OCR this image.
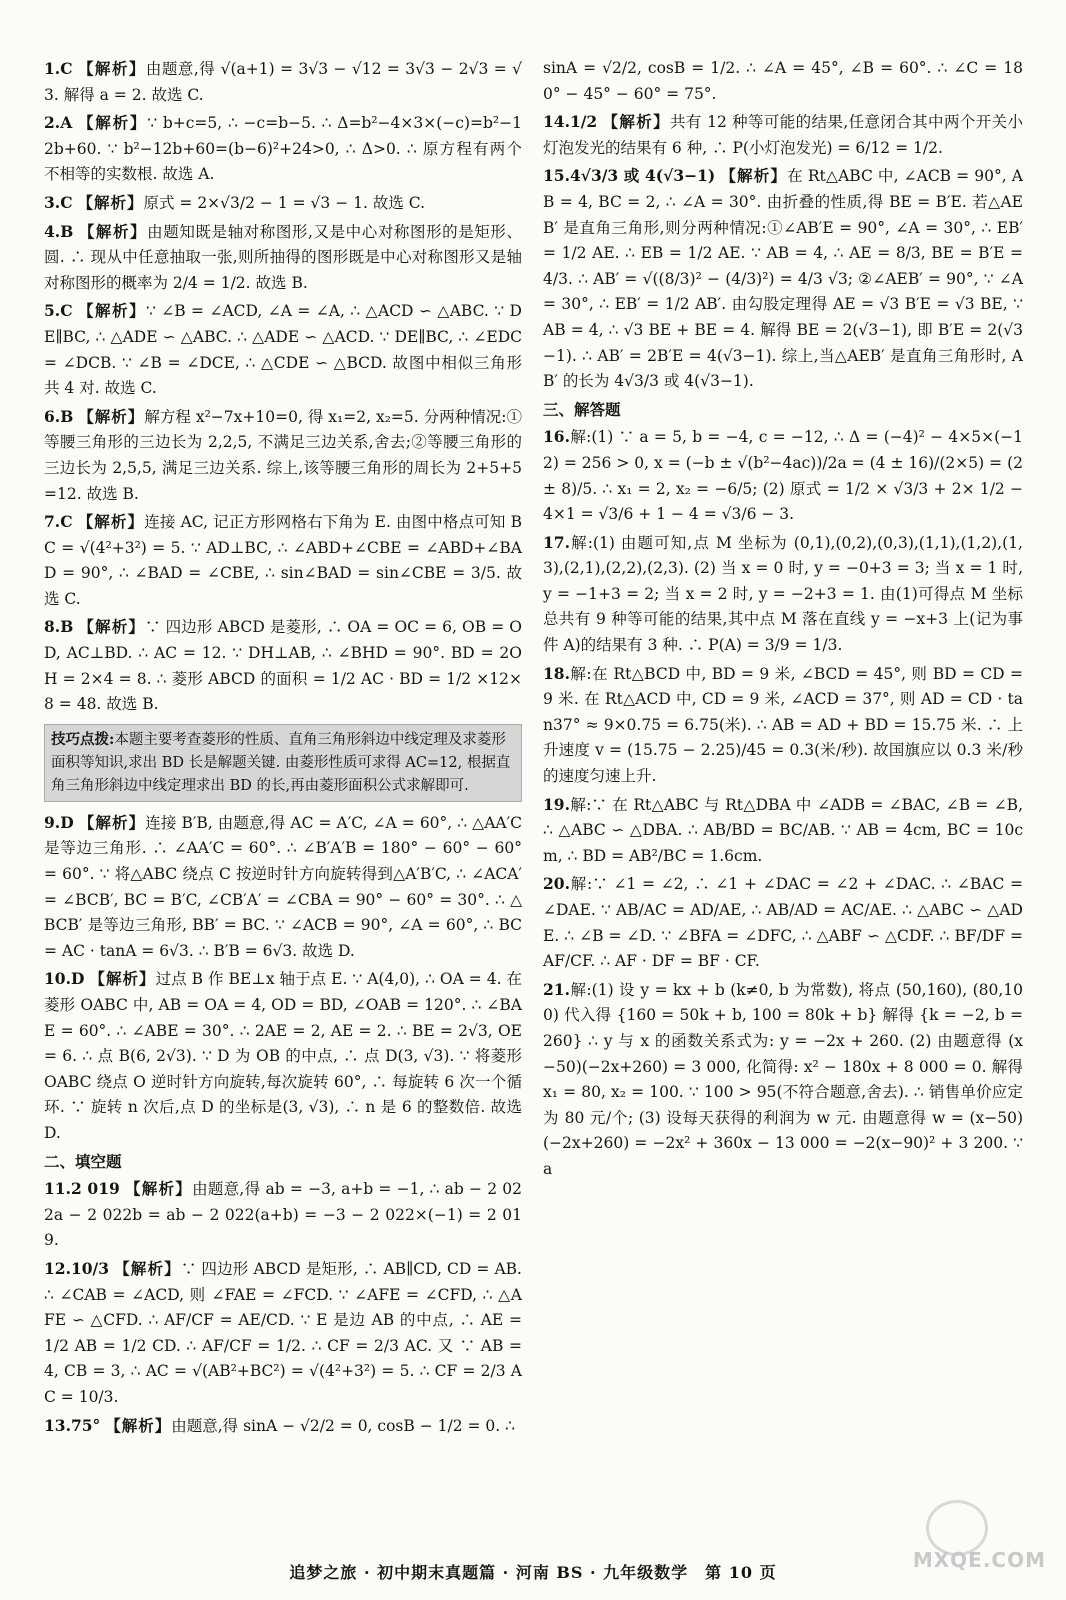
1.C 【解析】由题意,得 √(a+1) = 3√3 − √12 = 3√3 − 2√3 = √3. 解得 a = 2. 故选 C.
2.A 【解析】∵ b+c=5, ∴ −c=b−5. ∴ Δ=b²−4×3×(−c)=b²−12b+60. ∵ b²−12b+60=(b−6)²+24>0, ∴ Δ>0. ∴ 原方程有两个不相等的实数根. 故选 A.
3.C 【解析】原式 = 2×√3/2 − 1 = √3 − 1. 故选 C.
4.B 【解析】由题知既是轴对称图形,又是中心对称图形的是矩形、圆. ∴ 现从中任意抽取一张,则所抽得的图形既是中心对称图形又是轴对称图形的概率为 2/4 = 1/2. 故选 B.
5.C 【解析】∵ ∠B = ∠ACD, ∠A = ∠A, ∴ △ACD ∽ △ABC. ∵ DE∥BC, ∴ △ADE ∽ △ABC. ∴ △ADE ∽ △ACD. ∵ DE∥BC, ∴ ∠EDC = ∠DCB. ∵ ∠B = ∠DCE, ∴ △CDE ∽ △BCD. 故图中相似三角形共 4 对. 故选 C.
6.B 【解析】解方程 x²−7x+10=0, 得 x₁=2, x₂=5. 分两种情况:①等腰三角形的三边长为 2,2,5, 不满足三边关系,舍去;②等腰三角形的三边长为 2,5,5, 满足三边关系. 综上,该等腰三角形的周长为 2+5+5=12. 故选 B.
7.C 【解析】连接 AC, 记正方形网格右下角为 E. 由图中格点可知 BC = √(4²+3²) = 5. ∵ AD⊥BC, ∴ ∠ABD+∠CBE = ∠ABD+∠BAD = 90°, ∴ ∠BAD = ∠CBE, ∴ sin∠BAD = sin∠CBE = 3/5. 故选 C.
8.B 【解析】∵ 四边形 ABCD 是菱形, ∴ OA = OC = 6, OB = OD, AC⊥BD. ∴ AC = 12. ∵ DH⊥AB, ∴ ∠BHD = 90°. BD = 2OH = 2×4 = 8. ∴ 菱形 ABCD 的面积 = 1/2 AC · BD = 1/2 ×12×8 = 48. 故选 B.
技巧点拨:本题主要考查菱形的性质、直角三角形斜边中线定理及求菱形面积等知识,求出 BD 长是解题关键. 由菱形性质可求得 AC=12, 根据直角三角形斜边中线定理求出 BD 的长,再由菱形面积公式求解即可.
9.D 【解析】连接 B′B, 由题意,得 AC = A′C, ∠A = 60°, ∴ △AA′C 是等边三角形. ∴ ∠AA′C = 60°. ∴ ∠B′A′B = 180° − 60° − 60° = 60°. ∵ 将△ABC 绕点 C 按逆时针方向旋转得到△A′B′C, ∴ ∠ACA′ = ∠BCB′, BC = B′C, ∠CB′A′ = ∠CBA = 90° − 60° = 30°. ∴ △BCB′ 是等边三角形, BB′ = BC. ∵ ∠ACB = 90°, ∠A = 60°, ∴ BC = AC · tanA = 6√3. ∴ B′B = 6√3. 故选 D.
10.D 【解析】过点 B 作 BE⊥x 轴于点 E. ∵ A(4,0), ∴ OA = 4. 在菱形 OABC 中, AB = OA = 4, OD = BD, ∠OAB = 120°. ∴ ∠BAE = 60°. ∴ ∠ABE = 30°. ∴ 2AE = 2, AE = 2. ∴ BE = 2√3, OE = 6. ∴ 点 B(6, 2√3). ∵ D 为 OB 的中点, ∴ 点 D(3, √3). ∵ 将菱形 OABC 绕点 O 逆时针方向旋转,每次旋转 60°, ∴ 每旋转 6 次一个循环. ∵ 旋转 n 次后,点 D 的坐标是(3, √3), ∴ n 是 6 的整数倍. 故选 D.
二、填空题
11.2 019 【解析】由题意,得 ab = −3, a+b = −1, ∴ ab − 2 022a − 2 022b = ab − 2 022(a+b) = −3 − 2 022×(−1) = 2 019.
12.10/3 【解析】∵ 四边形 ABCD 是矩形, ∴ AB∥CD, CD = AB. ∴ ∠CAB = ∠ACD, 则 ∠FAE = ∠FCD. ∵ ∠AFE = ∠CFD, ∴ △AFE ∽ △CFD. ∴ AF/CF = AE/CD. ∵ E 是边 AB 的中点, ∴ AE = 1/2 AB = 1/2 CD. ∴ AF/CF = 1/2. ∴ CF = 2/3 AC. 又 ∵ AB = 4, CB = 3, ∴ AC = √(AB²+BC²) = √(4²+3²) = 5. ∴ CF = 2/3 AC = 10/3.
13.75° 【解析】由题意,得 sinA − √2/2 = 0, cosB − 1/2 = 0. ∴
sinA = √2/2, cosB = 1/2. ∴ ∠A = 45°, ∠B = 60°. ∴ ∠C = 180° − 45° − 60° = 75°.
14.1/2 【解析】共有 12 种等可能的结果,任意闭合其中两个开关小灯泡发光的结果有 6 种, ∴ P(小灯泡发光) = 6/12 = 1/2.
15.4√3/3 或 4(√3−1) 【解析】在 Rt△ABC 中, ∠ACB = 90°, AB = 4, BC = 2, ∴ ∠A = 30°. 由折叠的性质,得 BE = B′E. 若△AEB′ 是直角三角形,则分两种情况:①∠AB′E = 90°, ∠A = 30°, ∴ EB′ = 1/2 AE. ∴ EB = 1/2 AE. ∵ AB = 4, ∴ AE = 8/3, BE = B′E = 4/3. ∴ AB′ = √((8/3)² − (4/3)²) = 4/3 √3; ②∠AEB′ = 90°, ∵ ∠A = 30°, ∴ EB′ = 1/2 AB′. 由勾股定理得 AE = √3 B′E = √3 BE, ∵ AB = 4, ∴ √3 BE + BE = 4. 解得 BE = 2(√3−1), 即 B′E = 2(√3−1). ∴ AB′ = 2B′E = 4(√3−1). 综上,当△AEB′ 是直角三角形时, AB′ 的长为 4√3/3 或 4(√3−1).
三、解答题
16.解:(1) ∵ a = 5, b = −4, c = −12, ∴ Δ = (−4)² − 4×5×(−12) = 256 > 0, x = (−b ± √(b²−4ac))/2a = (4 ± 16)/(2×5) = (2 ± 8)/5. ∴ x₁ = 2, x₂ = −6/5; (2) 原式 = 1/2 × √3/3 + 2× 1/2 − 4×1 = √3/6 + 1 − 4 = √3/6 − 3.
17.解:(1) 由题可知,点 M 坐标为 (0,1),(0,2),(0,3),(1,1),(1,2),(1,3),(2,1),(2,2),(2,3). (2) 当 x = 0 时, y = −0+3 = 3; 当 x = 1 时, y = −1+3 = 2; 当 x = 2 时, y = −2+3 = 1. 由(1)可得点 M 坐标总共有 9 种等可能的结果,其中点 M 落在直线 y = −x+3 上(记为事件 A)的结果有 3 种. ∴ P(A) = 3/9 = 1/3.
18.解:在 Rt△BCD 中, BD = 9 米, ∠BCD = 45°, 则 BD = CD = 9 米. 在 Rt△ACD 中, CD = 9 米, ∠ACD = 37°, 则 AD = CD · tan37° ≈ 9×0.75 = 6.75(米). ∴ AB = AD + BD = 15.75 米. ∴ 上升速度 v = (15.75 − 2.25)/45 = 0.3(米/秒). 故国旗应以 0.3 米/秒的速度匀速上升.
19.解:∵ 在 Rt△ABC 与 Rt△DBA 中 ∠ADB = ∠BAC, ∠B = ∠B, ∴ △ABC ∽ △DBA. ∴ AB/BD = BC/AB. ∵ AB = 4cm, BC = 10cm, ∴ BD = AB²/BC = 1.6cm.
20.解:∵ ∠1 = ∠2, ∴ ∠1 + ∠DAC = ∠2 + ∠DAC. ∴ ∠BAC = ∠DAE. ∵ AB/AC = AD/AE, ∴ AB/AD = AC/AE. ∴ △ABC ∽ △ADE. ∴ ∠B = ∠D. ∵ ∠BFA = ∠DFC, ∴ △ABF ∽ △CDF. ∴ BF/DF = AF/CF. ∴ AF · DF = BF · CF.
21.解:(1) 设 y = kx + b (k≠0, b 为常数), 将点 (50,160), (80,100) 代入得 {160 = 50k + b, 100 = 80k + b} 解得 {k = −2, b = 260} ∴ y 与 x 的函数关系式为: y = −2x + 260. (2) 由题意得 (x−50)(−2x+260) = 3 000, 化简得: x² − 180x + 8 000 = 0. 解得 x₁ = 80, x₂ = 100. ∵ 100 > 95(不符合题意,舍去). ∴ 销售单价应定为 80 元/个; (3) 设每天获得的利润为 w 元. 由题意得 w = (x−50)(−2x+260) = −2x² + 360x − 13 000 = −2(x−90)² + 3 200. ∵ a
MXQE.COM
追梦之旅 · 初中期末真题篇 · 河南 BS · 九年级数学　第 10 页
